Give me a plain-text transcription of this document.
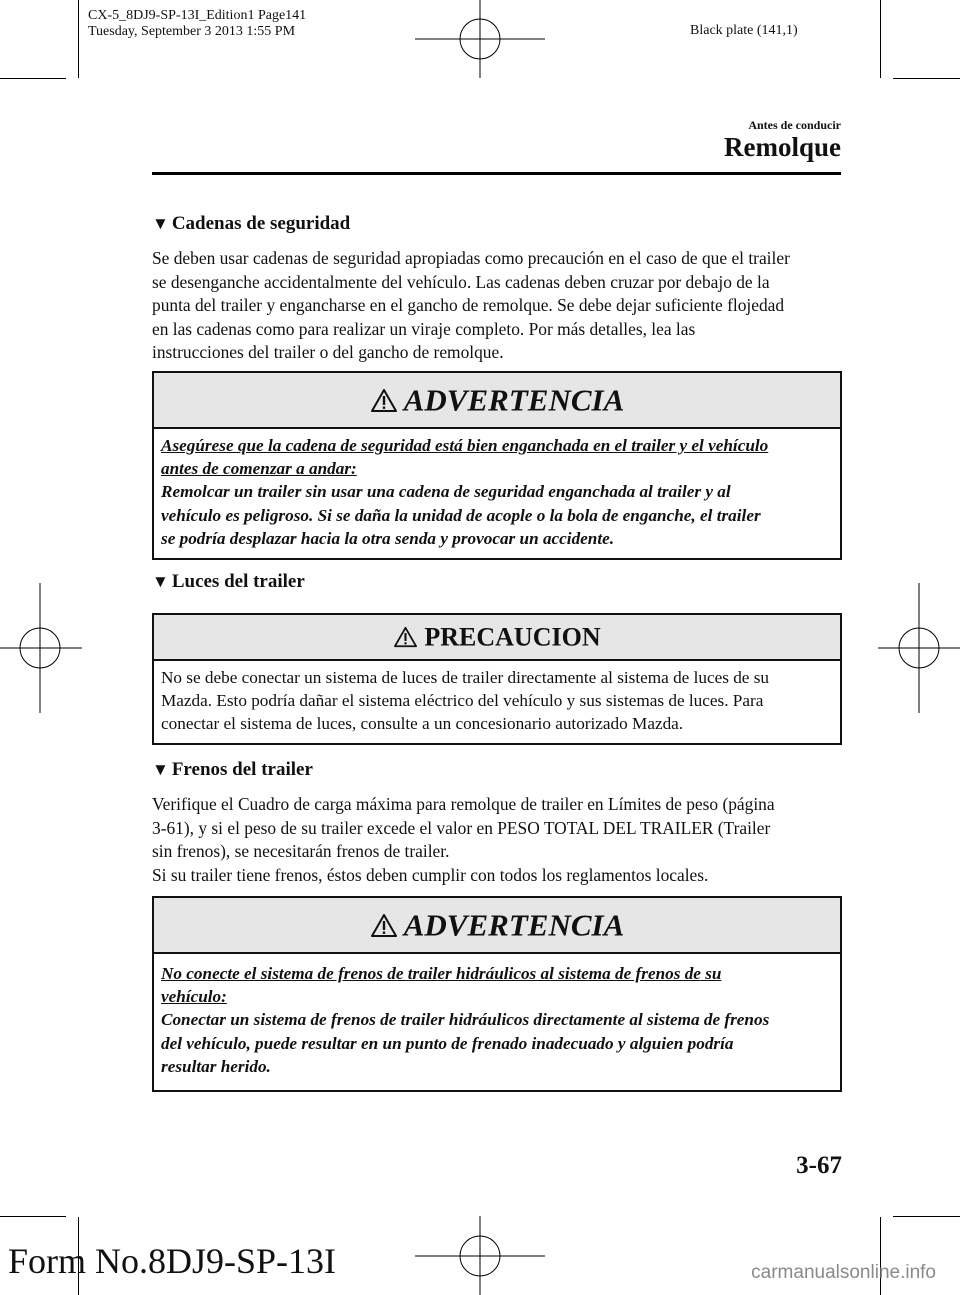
CX-5_8DJ9-SP-13I_Edition1 Page141
Tuesday, September 3 2013 1:55 PM	Black plate (141,1)
Antes de conducir
Remolque
▼ Cadenas de seguridad
Se deben usar cadenas de seguridad apropiadas como precaución en el caso de que el trailer
se desenganche accidentalmente del vehículo. Las cadenas deben cruzar por debajo de la
punta del trailer y engancharse en el gancho de remolque. Se debe dejar suficiente flojedad
en las cadenas como para realizar un viraje completo. Por más detalles, lea las
instrucciones del trailer o del gancho de remolque.
ADVERTENCIA
Asegúrese que la cadena de seguridad está bien enganchada en el trailer y el vehículo
antes de comenzar a andar:
Remolcar un trailer sin usar una cadena de seguridad enganchada al trailer y al
vehículo es peligroso. Si se daña la unidad de acople o la bola de enganche, el trailer
se podría desplazar hacia la otra senda y provocar un accidente.
▼ Luces del trailer
PRECAUCION
No se debe conectar un sistema de luces de trailer directamente al sistema de luces de su
Mazda. Esto podría dañar el sistema eléctrico del vehículo y sus sistemas de luces. Para
conectar el sistema de luces, consulte a un concesionario autorizado Mazda.
▼ Frenos del trailer
Verifique el Cuadro de carga máxima para remolque de trailer en Límites de peso (página
3-61), y si el peso de su trailer excede el valor en PESO TOTAL DEL TRAILER (Trailer
sin frenos), se necesitarán frenos de trailer.
Si su trailer tiene frenos, éstos deben cumplir con todos los reglamentos locales.
ADVERTENCIA
No conecte el sistema de frenos de trailer hidráulicos al sistema de frenos de su
vehículo:
Conectar un sistema de frenos de trailer hidráulicos directamente al sistema de frenos
del vehículo, puede resultar en un punto de frenado inadecuado y alguien podría
resultar herido.
3-67
Form No.8DJ9-SP-13I	carmanualsonline.info
